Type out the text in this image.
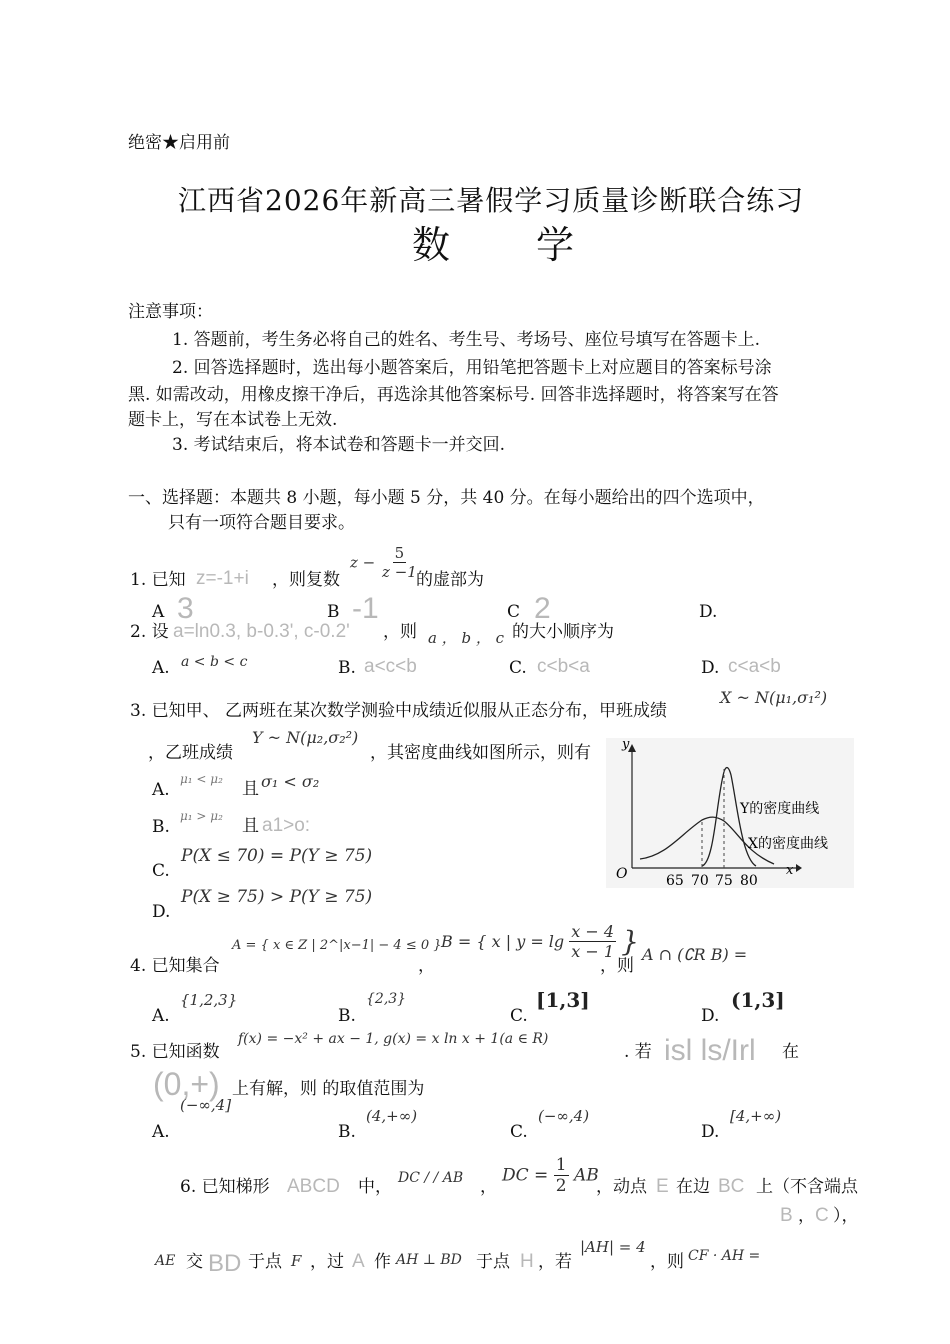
绝密★启用前
江西省2026年新高三暑假学习质量诊断联合练习
数 学
注意事项：
1. 答题前，考生务必将自己的姓名、考生号、考场号、座位号填写在答题卡上.
2. 回答选择题时，选出每小题答案后，用铅笔把答题卡上对应题目的答案标号涂
黑. 如需改动，用橡皮擦干净后，再选涂其他答案标号. 回答非选择题时，将答案写在答
题卡上，写在本试卷上无效.
3. 考试结束后，将本试卷和答题卡一并交回.
一、选择题：本题共 8 小题，每小题 5 分，共 40 分。在每小题给出的四个选项中，
只有一项符合题目要求。
1. 已知 z=-1+i ，则复数
$z - \frac{5}{z -1}$
的虚部为
A 3	B -1	C 2	D.
2. 设 a=ln0.3, b-0.3', c-0.2' ，则 a ， b ， c 的大小顺序为
A. a < b < c	B. a<c<b	C. c<b<a	D. c<a<b
3. 已知甲、 乙两班在某次数学测验中成绩近似服从正态分布，甲班成绩
X ~ N(μ₁,σ₁²)
，乙班成绩
Y ~ N(μ₂,σ₂²)
，其密度曲线如图所示，则有
A.
μ₁ < μ₂ 且 σ₁ < σ₂
B.
μ₁ > μ₂ 且 a1>o:
C.
P(X ≤ 70) = P(Y ≥ 75)
D.
P(X ≥ 75) > P(Y ≥ 75)
y
x
O	65 70 75 80
Y的密度曲线
X的密度曲线
4. 已知集合
A = { x ∈ Z | 2^|x−1| − 4 ≤ 0 }
，
B = { x | $y = \lg \frac{x - 4}{x - 1}$ }
，则
A ∩ (∁R B) =
A.
{1,2,3}
B.
{2,3}
C.
[1,3]
D.
(1,3]
5. 已知函数
f(x) = −x² + ax − 1, g(x) = x ln x + 1(a ∈ R)
. 若 isl ls/Irl 在
(0,+) 上有解，则 的取值范围为
A.
(−∞,4]
B.
(4,+∞)
C.
(−∞,4)
D.
[4,+∞)
6. 已知梯形 ABCD 中， DC / / AB ，
DC = $\frac{1}{2}$ AB
，动点 E 在边 BC 上（不含端点
B ， C ），
AE 交 BD 于点 F ，过 A 作 AH ⊥ BD 于点 H ，若
|AH| = 4
，则 CF · AH =
